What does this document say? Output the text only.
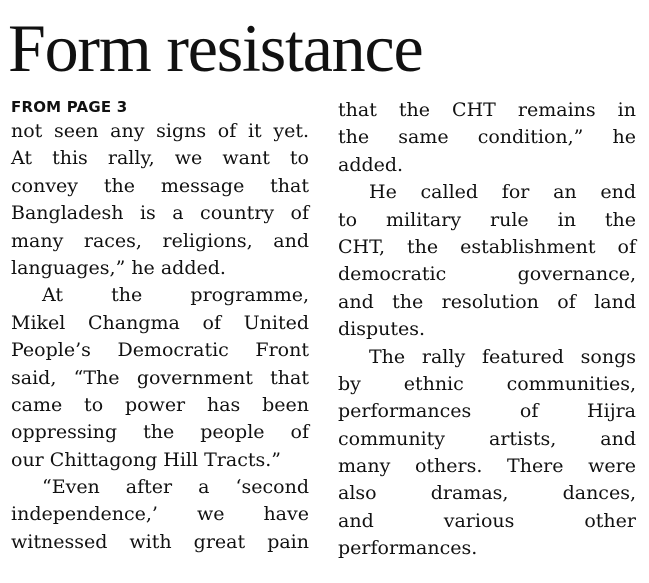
Form resistance
FROM PAGE 3

not seen any signs of it yet.
At this rally, we want to
convey the message that
Bangladesh is a country of
many races, religions, and
languages,” he added.

At the programme,
Mikel Changma of United
People’s Democratic Front
said, “The government that
came to power has been
oppressing the people of
our Chittagong Hill Tracts.”

“Even after a ‘second
independence,’ we have
witnessed with great pain

that the CHT remains in
the same condition,” he
added.

He called for an end
to military rule in the
CHT, the establishment of
democratic governance,
and the resolution of land
disputes.

The rally featured songs
by ethnic communities,
performances of Hijra
community artists, and
many others. There were
also dramas, dances,
and various other
performances.
